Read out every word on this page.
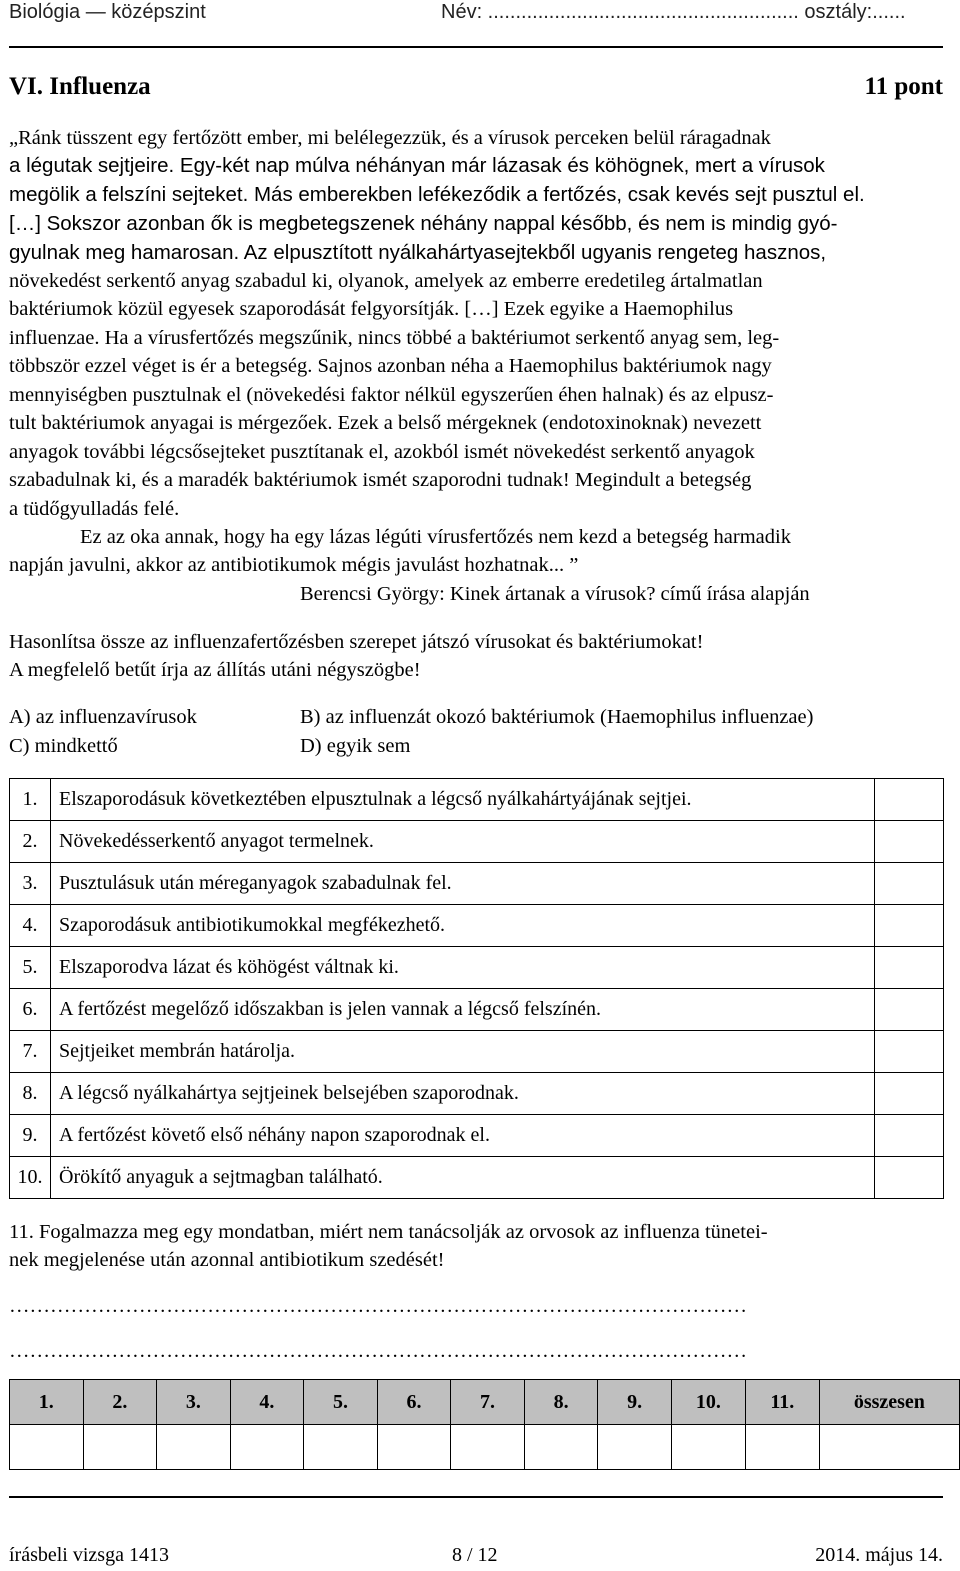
Biológia — középszint	Név: ........................................................ osztály:......
VI. Influenza	11 pont
„Ránk tüsszent egy fertőzött ember, mi belélegezzük, és a vírusok perceken belül ráragadnak
a légutak sejtjeire. Egy-két nap múlva néhányan már lázasak és köhögnek, mert a vírusok
megölik a felszíni sejteket. Más emberekben lefékeződik a fertőzés, csak kevés sejt pusztul el.
[…] Sokszor azonban ők is megbetegszenek néhány nappal később, és nem is mindig gyó-
gyulnak meg hamarosan. Az elpusztított nyálkahártyasejtekből ugyanis rengeteg hasznos,
növekedést serkentő anyag szabadul ki, olyanok, amelyek az emberre eredetileg ártalmatlan
baktériumok közül egyesek szaporodását felgyorsítják. […] Ezek egyike a Haemophilus
influenzae. Ha a vírusfertőzés megszűnik, nincs többé a baktériumot serkentő anyag sem, leg-
többször ezzel véget is ér a betegség. Sajnos azonban néha a Haemophilus baktériumok nagy
mennyiségben pusztulnak el (növekedési faktor nélkül egyszerűen éhen halnak) és az elpusz-
tult baktériumok anyagai is mérgezőek. Ezek a belső mérgeknek (endotoxinoknak) nevezett
anyagok további légcsősejteket pusztítanak el, azokból ismét növekedést serkentő anyagok
szabadulnak ki, és a maradék baktériumok ismét szaporodni tudnak! Megindult a betegség
a tüdőgyulladás felé.
Ez az oka annak, hogy ha egy lázas légúti vírusfertőzés nem kezd a betegség harmadik
napján javulni, akkor az antibiotikumok mégis javulást hozhatnak... ”
Berencsi György: Kinek ártanak a vírusok? című írása alapján
Hasonlítsa össze az influenzafertőzésben szerepet játszó vírusokat és baktériumokat!
A megfelelő betűt írja az állítás utáni négyszögbe!
A) az influenzavírusok	B) az influenzát okozó baktériumok (Haemophilus influenzae)
C) mindkettő	D) egyik sem
1.	Elszaporodásuk következtében elpusztulnak a légcső nyálkahártyájának sejtjei.	
2.	Növekedésserkentő anyagot termelnek.	
3.	Pusztulásuk után méreganyagok szabadulnak fel.	
4.	Szaporodásuk antibiotikumokkal megfékezhető.	
5.	Elszaporodva lázat és köhögést váltnak ki.	
6.	A fertőzést megelőző időszakban is jelen vannak a légcső felszínén.	
7.	Sejtjeiket membrán határolja.	
8.	A légcső nyálkahártya sejtjeinek belsejében szaporodnak.	
9.	A fertőzést követő első néhány napon szaporodnak el.	
10.	Örökítő anyaguk a sejtmagban található.	
11. Fogalmazza meg egy mondatban, miért nem tanácsolják az orvosok az influenza tünetei-
nek megjelenése után azonnal antibiotikum szedését!
………………………………………………………………………………………………
………………………………………………………………………………………………
1.	2.	3.	4.	5.	6.	7.	8.	9.	10.	11.	összesen

írásbeli vizsga 1413	8 / 12	2014. május 14.
